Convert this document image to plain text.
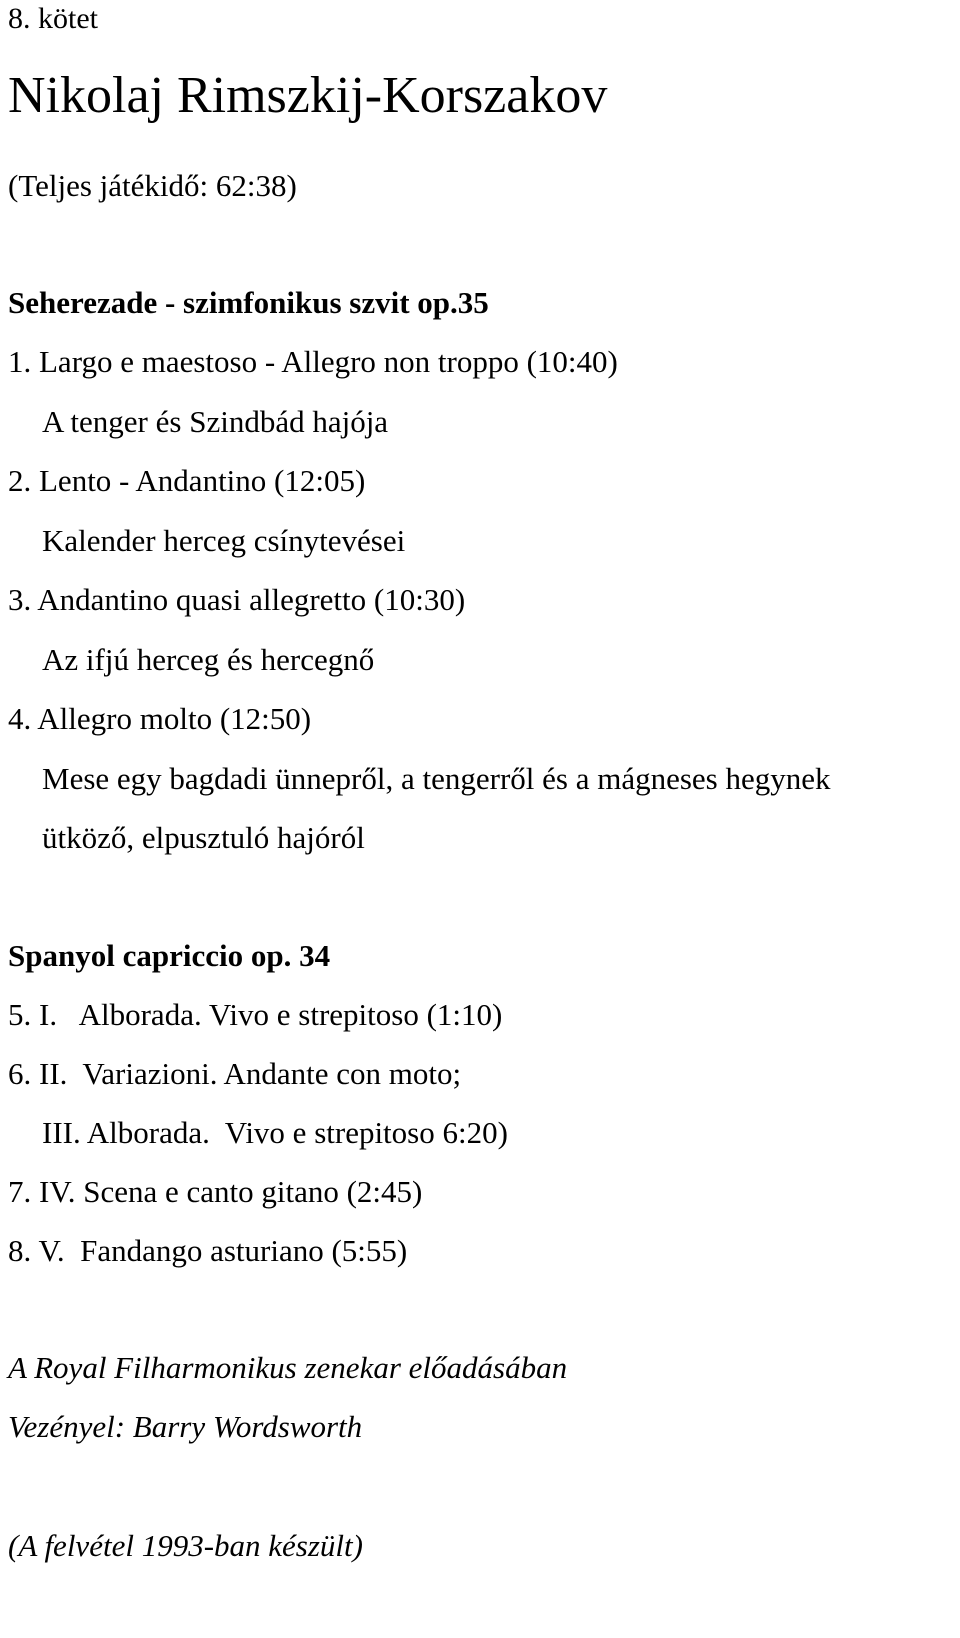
8. kötet
Nikolaj Rimszkij-Korszakov
(Teljes játékidő: 62:38)
Seherezade - szimfonikus szvit op.35
1. Largo e maestoso - Allegro non troppo (10:40)
A tenger és Szindbád hajója
2. Lento - Andantino (12:05)
Kalender herceg csínytevései
3. Andantino quasi allegretto (10:30)
Az ifjú herceg és hercegnő
4. Allegro molto (12:50)
Mese egy bagdadi ünnepről, a tengerről és a mágneses hegynek
ütköző, elpusztuló hajóról
Spanyol capriccio op. 34
5. I.   Alborada. Vivo e strepitoso (1:10)
6. II.  Variazioni. Andante con moto;
III. Alborada.  Vivo e strepitoso 6:20)
7. IV. Scena e canto gitano (2:45)
8. V.  Fandango asturiano (5:55)
A Royal Filharmonikus zenekar előadásában
Vezényel: Barry Wordsworth
(A felvétel 1993-ban készült)
